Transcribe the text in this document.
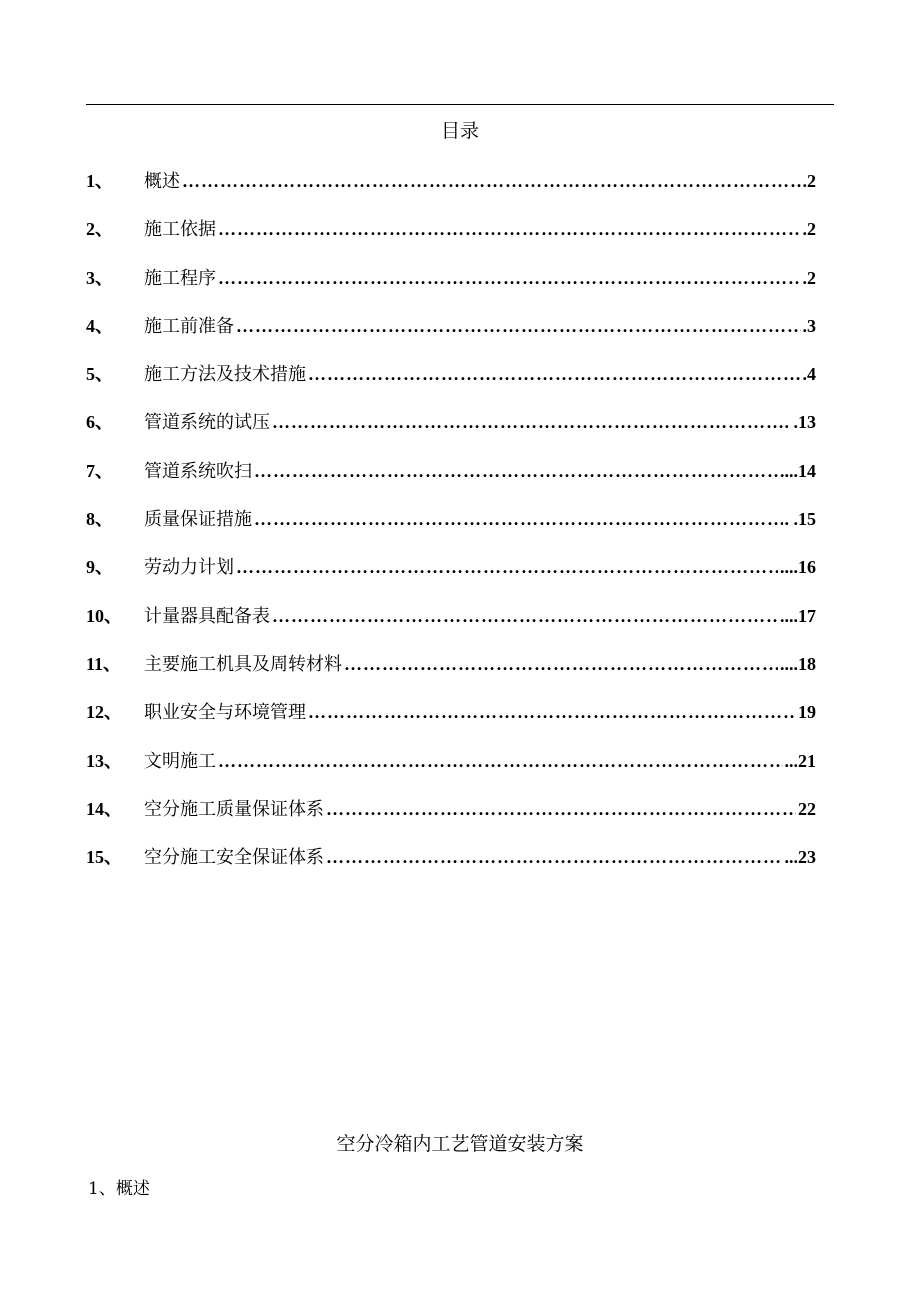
目录
1、	概述 ……………………………………………………………………………………………………………………………………………	.2
2、	施工依据 ……………………………………………………………………………………………………………………………………………	.2
3、	施工程序 ……………………………………………………………………………………………………………………………………………	.2
4、	施工前准备 ……………………………………………………………………………………………………………………………………………	.3
5、	施工方法及技术措施 ……………………………………………………………………………………………………………………………………………	.4
6、	管道系统的试压 ……………………………………………………………………………………………………………………………………………	. .13
7、	管道系统吹扫 ……………………………………………………………………………………………………………………………………………	....14
8、	质量保证措施 ……………………………………………………………………………………………………………………………………………	. .15
9、	劳动力计划 ……………………………………………………………………………………………………………………………………………	....16
10、	计量器具配备表 ……………………………………………………………………………………………………………………………………………	....17
11、	主要施工机具及周转材料 ……………………………………………………………………………………………………………………………………………	....18
12、	职业安全与环境管理 ……………………………………………………………………………………………………………………………………………	19
13、	文明施工 ……………………………………………………………………………………………………………………………………………	...21
14、	空分施工质量保证体系 ……………………………………………………………………………………………………………………………………………	22
15、	空分施工安全保证体系 ……………………………………………………………………………………………………………………………………………	...23
空分冷箱内工艺管道安装方案
1、概述
